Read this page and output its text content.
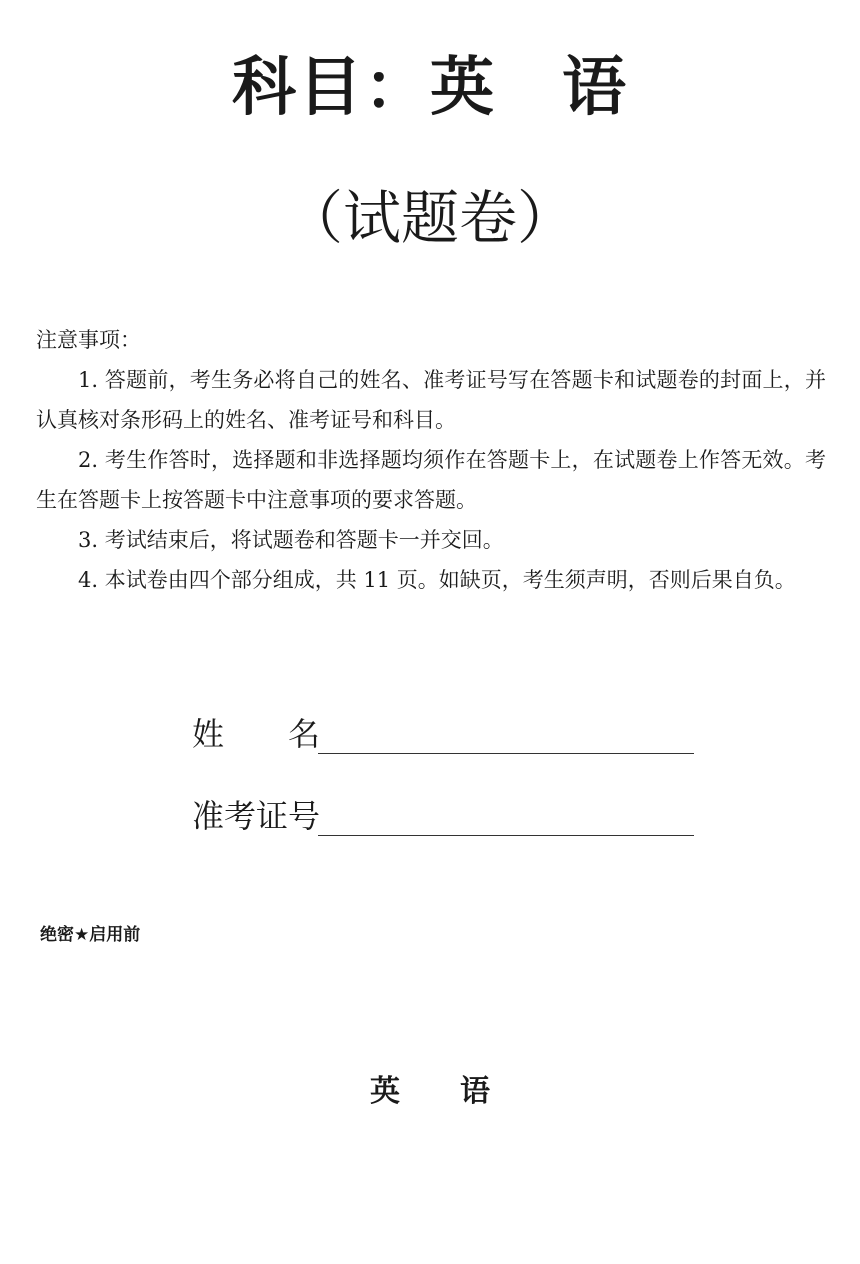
科目：英　语
（试题卷）

注意事项：

1. 答题前，考生务必将自己的姓名、准考证号写在答题卡和试题卷的封面上，并认真核对条形码上的姓名、准考证号和科目。

2. 考生作答时，选择题和非选择题均须作在答题卡上，在试题卷上作答无效。考生在答题卡上按答题卡中注意事项的要求答题。

3. 考试结束后，将试题卷和答题卡一并交回。

4. 本试卷由四个部分组成，共 11 页。如缺页，考生须声明，否则后果自负。

姓　　名
准考证号
绝密★启用前
英　　语
